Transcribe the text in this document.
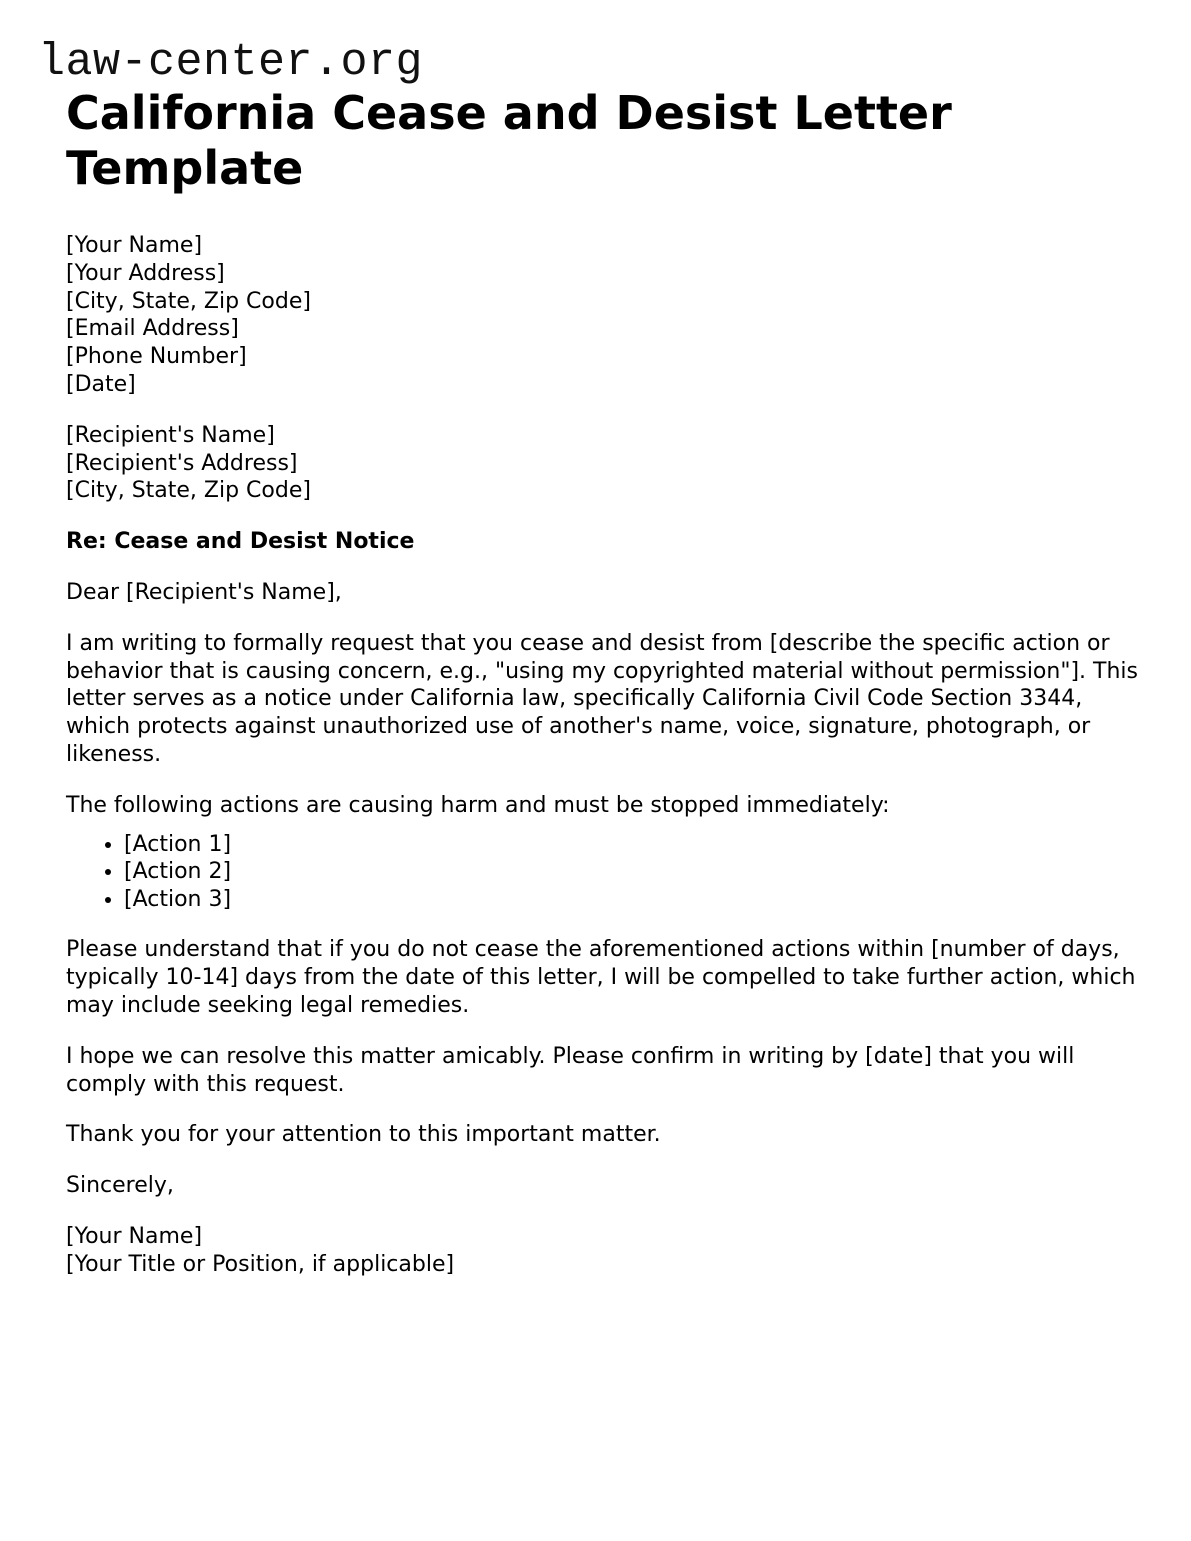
law-center.org
California Cease and Desist Letter Template
[Your Name]
[Your Address]
[City, State, Zip Code]
[Email Address]
[Phone Number]
[Date]
[Recipient's Name]
[Recipient's Address]
[City, State, Zip Code]
Re: Cease and Desist Notice
Dear [Recipient's Name],

I am writing to formally request that you cease and desist from [describe the specific action or behavior that is causing concern, e.g., "using my copyrighted material without permission"]. This letter serves as a notice under California law, specifically California Civil Code Section 3344, which protects against unauthorized use of another's name, voice, signature, photograph, or likeness.

The following actions are causing harm and must be stopped immediately:

• [Action 1]
• [Action 2]
• [Action 3]

Please understand that if you do not cease the aforementioned actions within [number of days, typically 10-14] days from the date of this letter, I will be compelled to take further action, which may include seeking legal remedies.

I hope we can resolve this matter amicably. Please confirm in writing by [date] that you will comply with this request.

Thank you for your attention to this important matter.

Sincerely,
[Your Name]
[Your Title or Position, if applicable]
